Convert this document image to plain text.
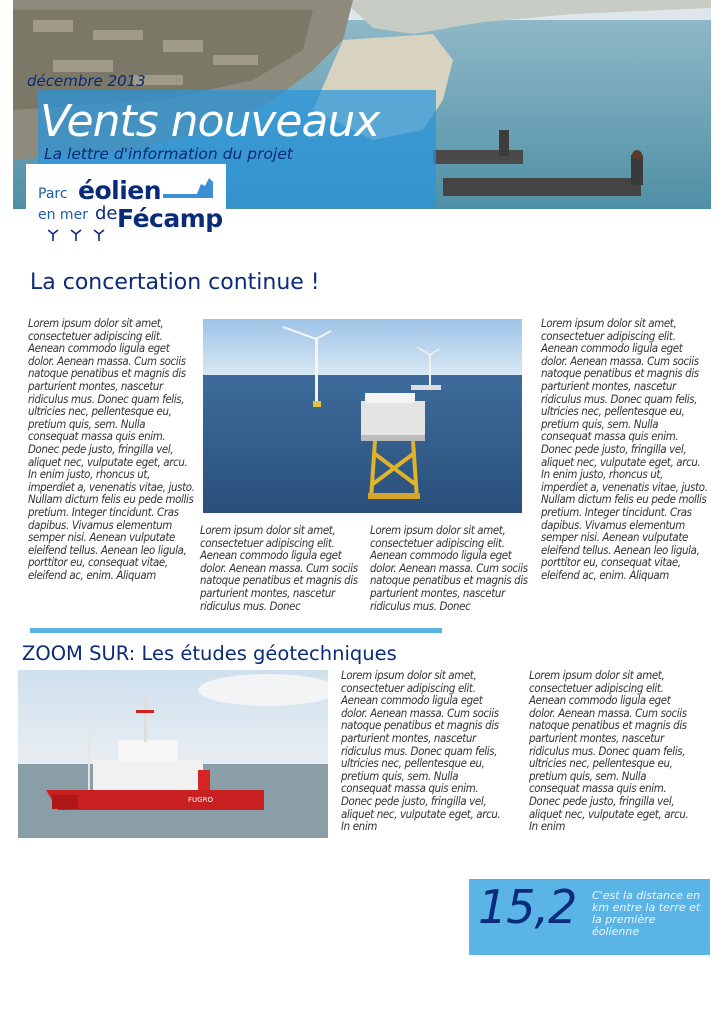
décembre 2013
Vents nouveaux
La lettre d'information du projet
Parc éolien
en mer de Fécamp
La concertation continue !
Lorem ipsum dolor sit amet, consectetuer adipiscing elit. Aenean commodo ligula eget dolor. Aenean massa. Cum sociis natoque penatibus et magnis dis parturient montes, nascetur ridiculus mus. Donec quam felis, ultricies nec, pellentesque eu, pretium quis, sem. Nulla consequat massa quis enim. Donec pede justo, fringilla vel, aliquet nec, vulputate eget, arcu. In enim justo, rhoncus ut, imperdiet a, venenatis vitae, justo. Nullam dictum felis eu pede mollis pretium. Integer tincidunt. Cras dapibus. Vivamus elementum semper nisi. Aenean vulputate eleifend tellus. Aenean leo ligula, porttitor eu, consequat vitae, eleifend ac, enim. Aliquam
Lorem ipsum dolor sit amet, consectetuer adipiscing elit. Aenean commodo ligula eget dolor. Aenean massa. Cum sociis natoque penatibus et magnis dis parturient montes, nascetur ridiculus mus. Donec
Lorem ipsum dolor sit amet, consectetuer adipiscing elit. Aenean commodo ligula eget dolor. Aenean massa. Cum sociis natoque penatibus et magnis dis parturient montes, nascetur ridiculus mus. Donec
Lorem ipsum dolor sit amet, consectetuer adipiscing elit. Aenean commodo ligula eget dolor. Aenean massa. Cum sociis natoque penatibus et magnis dis parturient montes, nascetur ridiculus mus. Donec quam felis, ultricies nec, pellentesque eu, pretium quis, sem. Nulla consequat massa quis enim. Donec pede justo, fringilla vel, aliquet nec, vulputate eget, arcu. In enim justo, rhoncus ut, imperdiet a, venenatis vitae, justo. Nullam dictum felis eu pede mollis pretium. Integer tincidunt. Cras dapibus. Vivamus elementum semper nisi. Aenean vulputate eleifend tellus. Aenean leo ligula, porttitor eu, consequat vitae, eleifend ac, enim. Aliquam
ZOOM SUR: Les études géotechniques
FUGRO
Lorem ipsum dolor sit amet, consectetuer adipiscing elit. Aenean commodo ligula eget dolor. Aenean massa. Cum sociis natoque penatibus et magnis dis parturient montes, nascetur ridiculus mus. Donec quam felis, ultricies nec, pellentesque eu, pretium quis, sem. Nulla consequat massa quis enim. Donec pede justo, fringilla vel, aliquet nec, vulputate eget, arcu. In enim
Lorem ipsum dolor sit amet, consectetuer adipiscing elit. Aenean commodo ligula eget dolor. Aenean massa. Cum sociis natoque penatibus et magnis dis parturient montes, nascetur ridiculus mus. Donec quam felis, ultricies nec, pellentesque eu, pretium quis, sem. Nulla consequat massa quis enim. Donec pede justo, fringilla vel, aliquet nec, vulputate eget, arcu. In enim
15,2 C'est la distance en km entre la terre et la première éolienne
